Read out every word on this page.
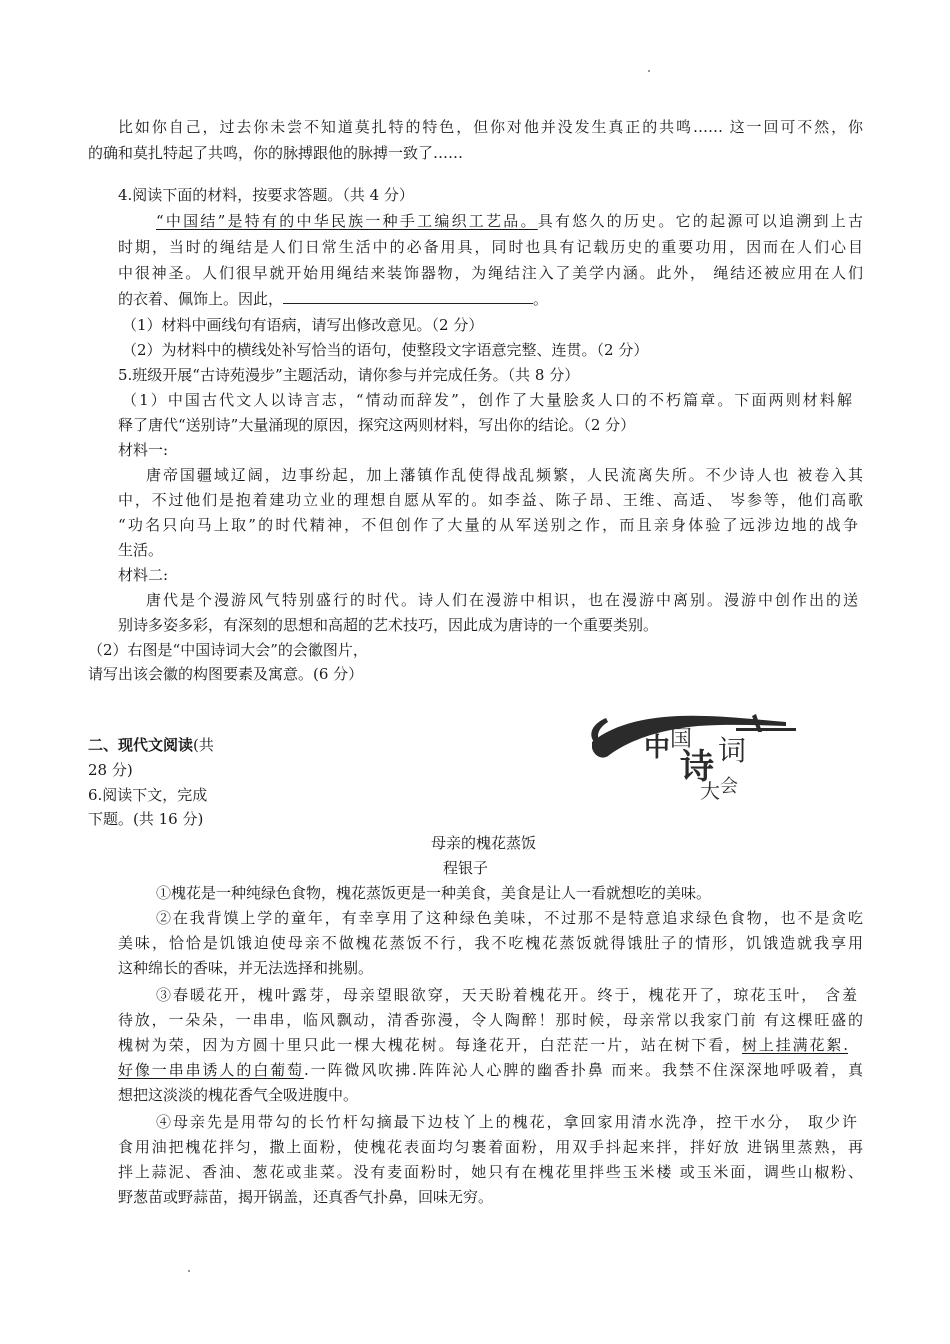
比如你自己，过去你未尝不知道莫扎特的特色，但你对他并没发生真正的共鸣…… 这一回可不然，你
的确和莫扎特起了共鸣，你的脉搏跟他的脉搏一致了……
4.阅读下面的材料，按要求答题。（共 4 分）
“中国结”是特有的中华民族一种手工编织工艺品。具有悠久的历史。它的起源可以追溯到上古
时期，当时的绳结是人们日常生活中的必备用具，同时也具有记载历史的重要功用，因而在人们心目
中很神圣。人们很早就开始用绳结来装饰器物，为绳结注入了美学内涵。此外， 绳结还被应用在人们
的衣着、佩饰上。因此，	。
（1）材料中画线句有语病，请写出修改意见。（2 分）
（2）为材料中的横线处补写恰当的语句，使整段文字语意完整、连贯。（2 分）
5.班级开展“古诗苑漫步”主题活动，请你参与并完成任务。（共 8 分）
（1）中国古代文人以诗言志，“情动而辞发”，创作了大量脍炙人口的不朽篇章。下面两则材料解
释了唐代“送别诗”大量涌现的原因，探究这两则材料，写出你的结论。（2 分）
材料一:
唐帝国疆域辽阔，边事纷起，加上藩镇作乱使得战乱频繁，人民流离失所。不少诗人也 被卷入其
中，不过他们是抱着建功立业的理想自愿从军的。如李益、陈子昂、王维、高适、 岑参等，他们高歌
“功名只向马上取”的时代精神，不但创作了大量的从军送别之作，而且亲身体验了远涉边地的战争
生活。
材料二:
唐代是个漫游风气特别盛行的时代。诗人们在漫游中相识，也在漫游中离别。漫游中创作出的送
别诗多姿多彩，有深刻的思想和高超的艺术技巧，因此成为唐诗的一个重要类别。
（2）右图是“中国诗词大会”的会徽图片，
请写出该会徽的构图要素及寓意。(6 分）
二、现代文阅读(共
28 分)
6.阅读下文，完成
下题。(共 16 分)
中 国
诗 词
大 会
母亲的槐花蒸饭
程银子
①槐花是一种纯绿色食物，槐花蒸饭更是一种美食，美食是让人一看就想吃的美味。
②在我背馍上学的童年，有幸享用了这种绿色美味，不过那不是特意追求绿色食物，也不是贪吃
美味，恰恰是饥饿迫使母亲不做槐花蒸饭不行，我不吃槐花蒸饭就得饿肚子的情形，饥饿造就我享用
这种绵长的香味，并无法选择和挑剔。
③春暖花开，槐叶露芽，母亲望眼欲穿，天天盼着槐花开。终于，槐花开了，琼花玉叶， 含羞
待放，一朵朵，一串串，临风飘动，清香弥漫，令人陶醉！那时候，母亲常以我家门前 有这棵旺盛的
槐树为荣，因为方圆十里只此一棵大槐花树。每逢花开，白茫茫一片，站在树下看，树上挂满花絮.
好像一串串诱人的白葡萄.一阵微风吹拂.阵阵沁人心脾的幽香扑鼻 而来。我禁不住深深地呼吸着，真
想把这淡淡的槐花香气全吸进腹中。
④母亲先是用带勾的长竹杆勾摘最下边枝丫上的槐花，拿回家用清水洗净，控干水分， 取少许
食用油把槐花拌匀，撒上面粉，使槐花表面均匀裹着面粉，用双手抖起来拌，拌好放 进锅里蒸熟，再
拌上蒜泥、香油、葱花或韭菜。没有麦面粉时，她只有在槐花里拌些玉米楼 或玉米面，调些山椒粉、
野葱苗或野蒜苗，揭开锅盖，还真香气扑鼻，回味无穷。
